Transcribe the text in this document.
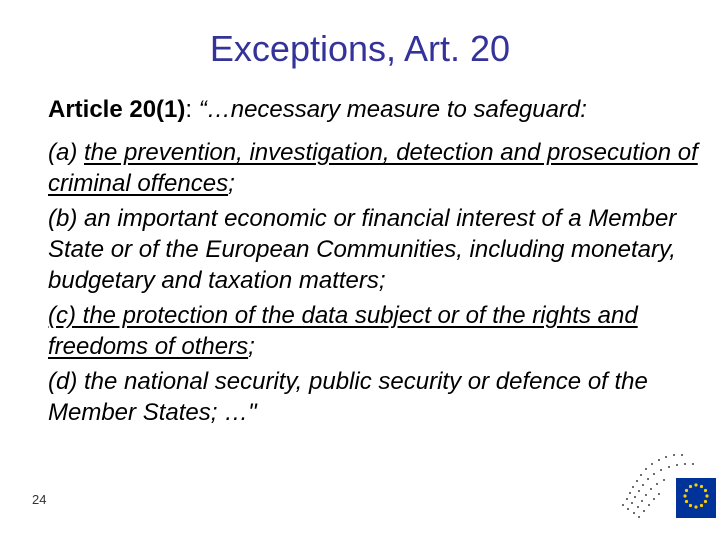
Exceptions, Art. 20

Article 20(1): “…necessary measure to safeguard:

(a) the prevention, investigation, detection and prosecution of criminal offences;

(b) an important economic or financial interest of a Member State or of the European Communities, including monetary, budgetary and taxation matters;

(c) the protection of the data subject or of the rights and freedoms of others;

(d) the national security, public security or defence of the Member States; …"

24
